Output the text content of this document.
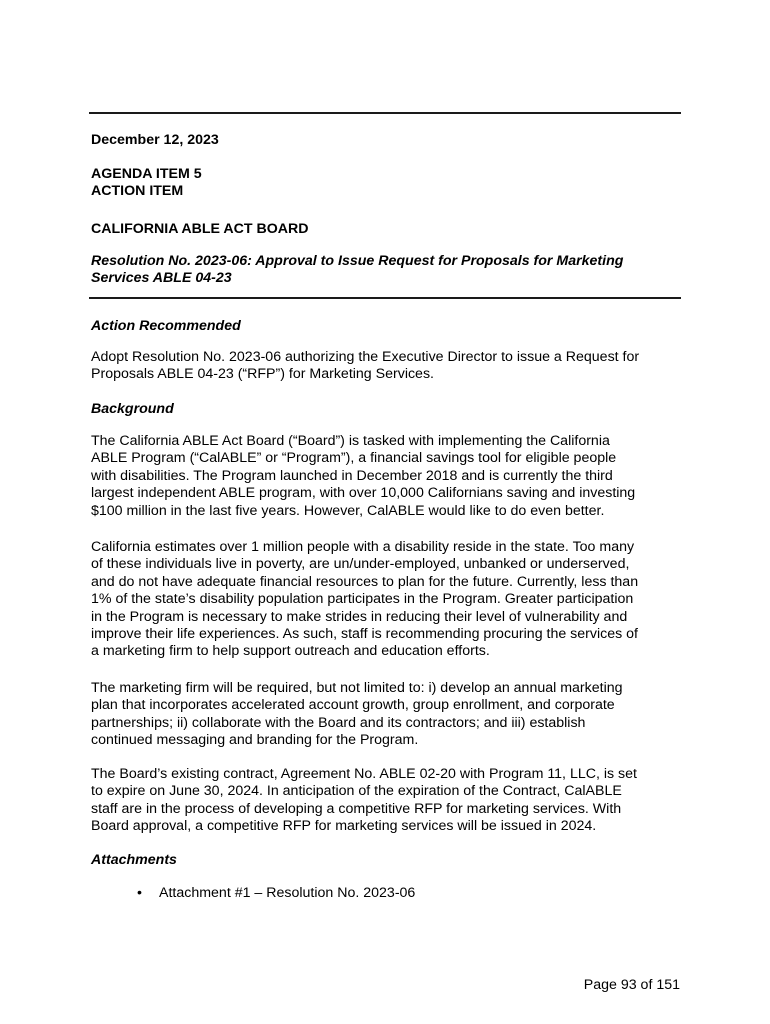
December 12, 2023

AGENDA ITEM 5
ACTION ITEM

CALIFORNIA ABLE ACT BOARD

Resolution No. 2023-06: Approval to Issue Request for Proposals for Marketing
Services ABLE 04-23

Action Recommended

Adopt Resolution No. 2023-06 authorizing the Executive Director to issue a Request for
Proposals ABLE 04-23 (“RFP”) for Marketing Services.

Background

The California ABLE Act Board (“Board”) is tasked with implementing the California
ABLE Program (“CalABLE” or “Program”), a financial savings tool for eligible people
with disabilities. The Program launched in December 2018 and is currently the third
largest independent ABLE program, with over 10,000 Californians saving and investing
$100 million in the last five years. However, CalABLE would like to do even better.
California estimates over 1 million people with a disability reside in the state. Too many
of these individuals live in poverty, are un/under-employed, unbanked or underserved,
and do not have adequate financial resources to plan for the future. Currently, less than
1% of the state’s disability population participates in the Program. Greater participation
in the Program is necessary to make strides in reducing their level of vulnerability and
improve their life experiences. As such, staff is recommending procuring the services of
a marketing firm to help support outreach and education efforts.
The marketing firm will be required, but not limited to: i) develop an annual marketing
plan that incorporates accelerated account growth, group enrollment, and corporate
partnerships; ii) collaborate with the Board and its contractors; and iii) establish
continued messaging and branding for the Program.
The Board’s existing contract, Agreement No. ABLE 02-20 with Program 11, LLC, is set
to expire on June 30, 2024. In anticipation of the expiration of the Contract, CalABLE
staff are in the process of developing a competitive RFP for marketing services. With
Board approval, a competitive RFP for marketing services will be issued in 2024.

Attachments

•	Attachment #1 – Resolution No. 2023-06
Page 93 of 151
